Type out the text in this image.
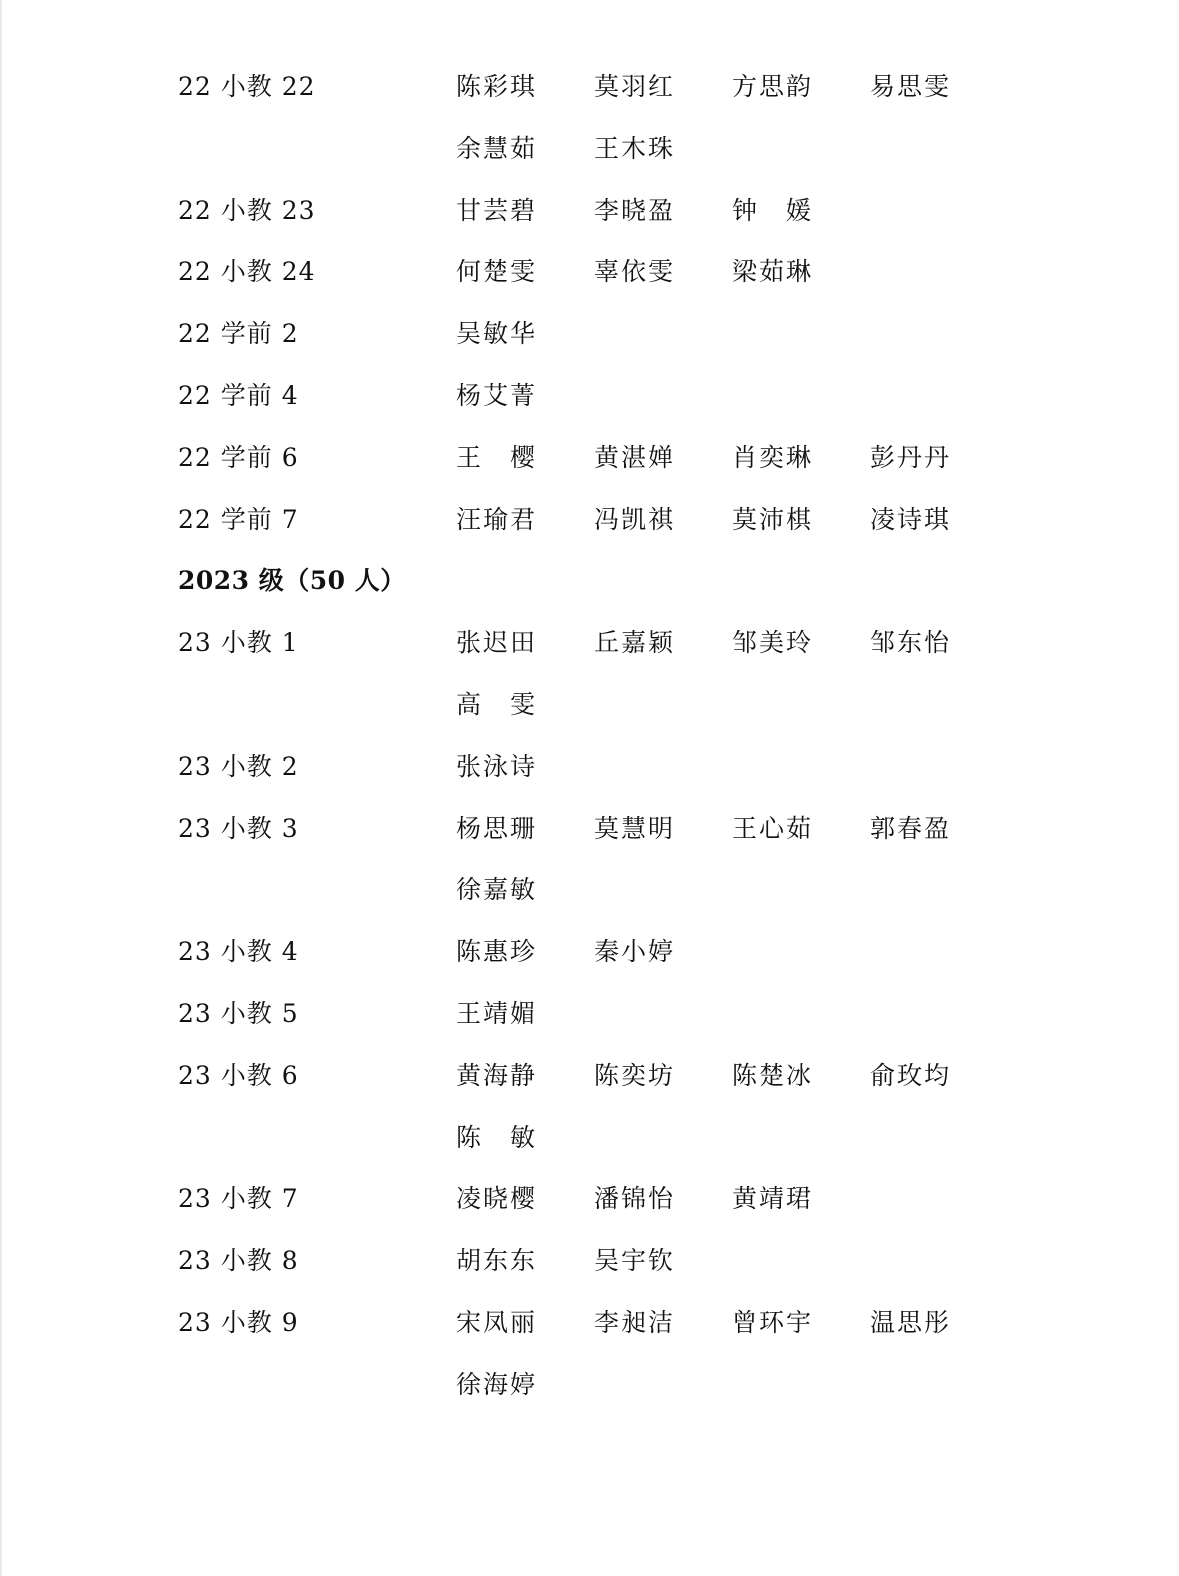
22 小教 22	陈彩琪 莫羽红 方思韵 易思雯
余慧茹 王木珠
22 小教 23	甘芸碧 李晓盈 钟　媛
22 小教 24	何楚雯 辜依雯 梁茹琳
22 学前 2	吴敏华
22 学前 4	杨艾菁
22 学前 6	王　樱 黄湛婵 肖奕琳 彭丹丹
22 学前 7	汪瑜君 冯凯祺 莫沛棋 凌诗琪
2023 级（50 人）
23 小教 1	张迟田 丘嘉颖 邹美玲 邹东怡
高　雯
23 小教 2	张泳诗
23 小教 3	杨思珊 莫慧明 王心茹 郭春盈
徐嘉敏
23 小教 4	陈惠珍 秦小婷
23 小教 5	王靖媚
23 小教 6	黄海静 陈奕坊 陈楚冰 俞玫均
陈　敏
23 小教 7	凌晓樱 潘锦怡 黄靖珺
23 小教 8	胡东东 吴宇钦
23 小教 9	宋凤丽 李昶洁 曾环宇 温思彤
徐海婷
